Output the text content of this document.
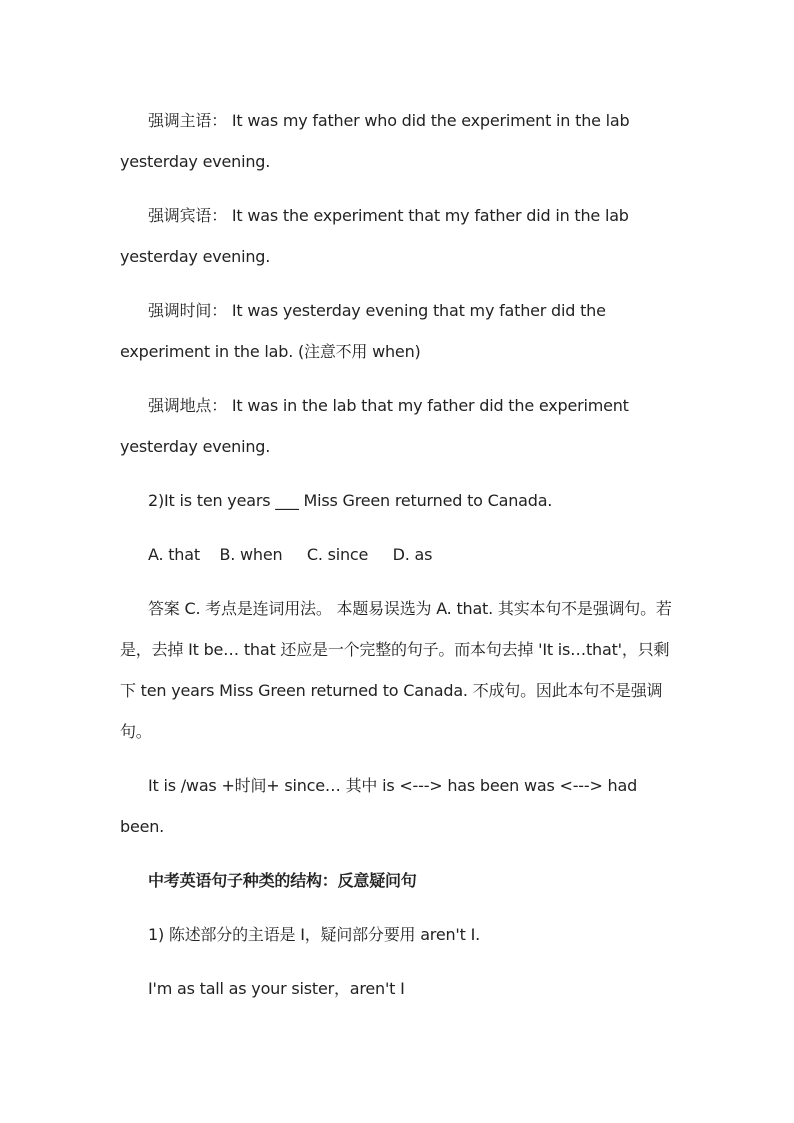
强调主语： It was my father who did the experiment in the lab yesterday evening.

强调宾语： It was the experiment that my father did in the lab yesterday evening.

强调时间： It was yesterday evening that my father did the experiment in the lab. (注意不用 when)

强调地点： It was in the lab that my father did the experiment yesterday evening.

2)It is ten years ___ Miss Green returned to Canada.

A. that    B. when     C. since     D. as

答案 C. 考点是连词用法。 本题易误选为 A. that. 其实本句不是强调句。若是，去掉 It be… that 还应是一个完整的句子。而本句去掉 'It is…that'，只剩下 ten years Miss Green returned to Canada. 不成句。因此本句不是强调句。

It is /was +时间+ since… 其中 is <---> has been was <---> had been.

中考英语句子种类的结构：反意疑问句

1) 陈述部分的主语是 I，疑问部分要用 aren't I.

I'm as tall as your sister，aren't I
